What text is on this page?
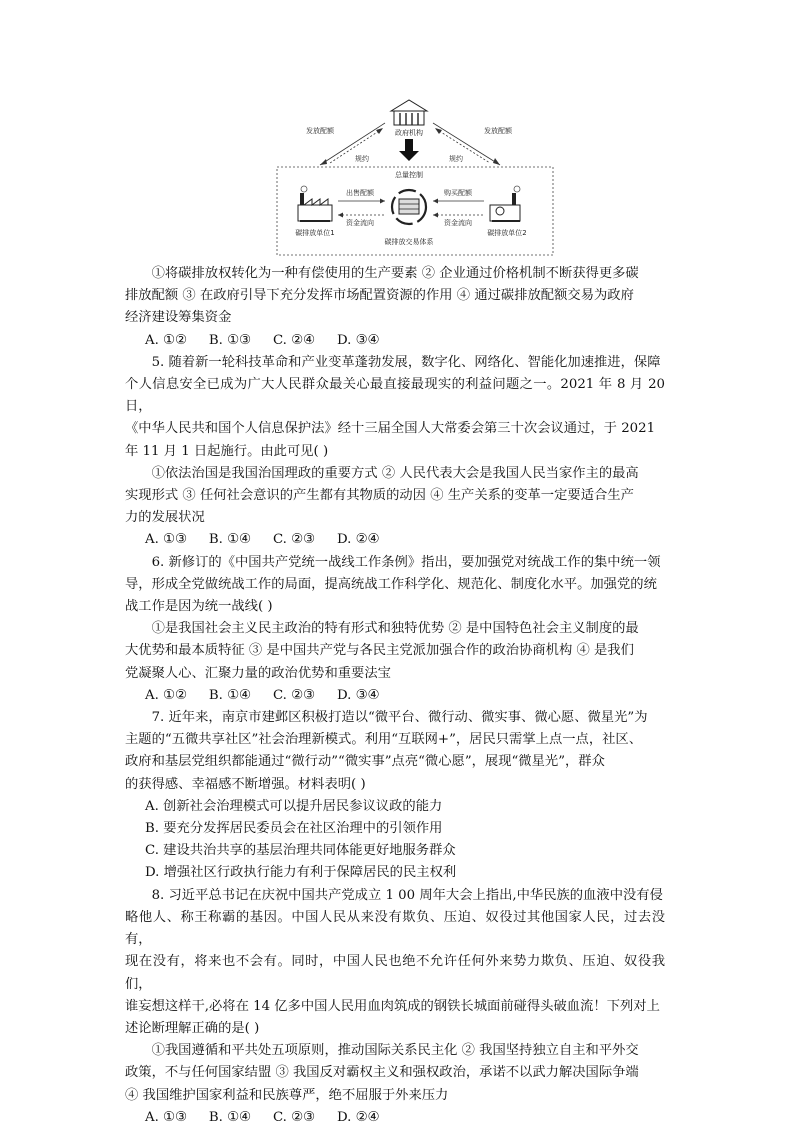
政府机构
发放配额	发放配额
规约	规约
总量控制
碳排放单位1	碳排放单位2
出售配额	购买配额
资金流向	资金流向
碳排放交易体系

①将碳排放权转化为一种有偿使用的生产要素 ② 企业通过价格机制不断获得更多碳

排放配额 ③ 在政府引导下充分发挥市场配置资源的作用 ④ 通过碳排放配额交易为政府

经济建设筹集资金

A. ①② B. ①③ C. ②④ D. ③④

5. 随着新一轮科技革命和产业变革蓬勃发展，数字化、网络化、智能化加速推进，保障

个人信息安全已成为广大人民群众最关心最直接最现实的利益问题之一。2021 年 8 月 20 日，

《中华人民共和国个人信息保护法》经十三届全国人大常委会第三十次会议通过，于 2021

年 11 月 1 日起施行。由此可见( )

①依法治国是我国治国理政的重要方式 ② 人民代表大会是我国人民当家作主的最高

实现形式 ③ 任何社会意识的产生都有其物质的动因 ④ 生产关系的变革一定要适合生产

力的发展状况

A. ①③ B. ①④ C. ②③ D. ②④

6. 新修订的《中国共产党统一战线工作条例》指出，要加强党对统战工作的集中统一领

导，形成全党做统战工作的局面，提高统战工作科学化、规范化、制度化水平。加强党的统

战工作是因为统一战线( )

①是我国社会主义民主政治的特有形式和独特优势 ② 是中国特色社会主义制度的最

大优势和最本质特征 ③ 是中国共产党与各民主党派加强合作的政治协商机构 ④ 是我们

党凝聚人心、汇聚力量的政治优势和重要法宝

A. ①② B. ①④ C. ②③ D. ③④

7. 近年来，南京市建邺区积极打造以“微平台、微行动、微实事、微心愿、微星光”为

主题的“五微共享社区”社会治理新模式。利用“互联网+”，居民只需掌上点一点，社区、

政府和基层党组织都能通过“微行动”“微实事”点亮“微心愿”，展现“微星光”，群众

的获得感、幸福感不断增强。材料表明( )

A. 创新社会治理模式可以提升居民参议议政的能力

B. 要充分发挥居民委员会在社区治理中的引领作用

C. 建设共治共享的基层治理共同体能更好地服务群众

D. 增强社区行政执行能力有利于保障居民的民主权利

8. 习近平总书记在庆祝中国共产党成立 1 00 周年大会上指出,中华民族的血液中没有侵

略他人、称王称霸的基因。中国人民从来没有欺负、压迫、奴役过其他国家人民，过去没有，

现在没有，将来也不会有。同时，中国人民也绝不允许任何外来势力欺负、压迫、奴役我们，

谁妄想这样干,必将在 14 亿多中国人民用血肉筑成的钢铁长城面前碰得头破血流！下列对上

述论断理解正确的是( )

①我国遵循和平共处五项原则，推动国际关系民主化 ② 我国坚持独立自主和平外交

政策，不与任何国家结盟 ③ 我国反对霸权主义和强权政治，承诺不以武力解决国际争端

④ 我国维护国家利益和民族尊严，绝不屈服于外来压力

A. ①③ B. ①④ C. ②③ D. ②④
